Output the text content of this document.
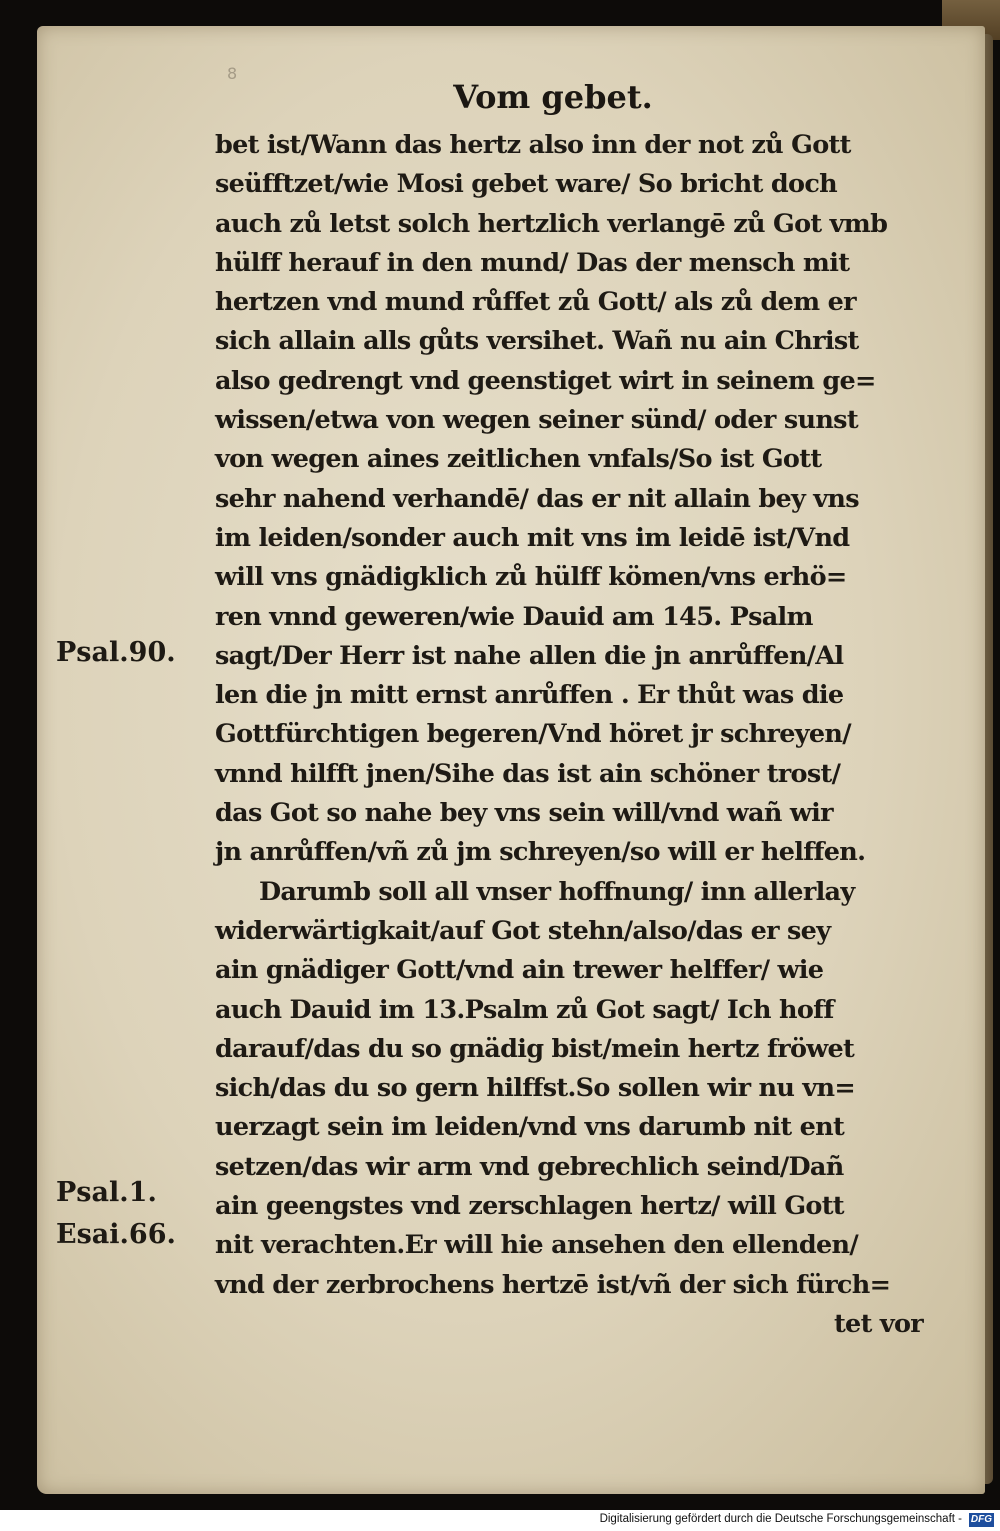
8
Vom gebet.
bet ist/Wann das hertz also inn der not zů Gott
seüfftzet/wie Mosi gebet ware/ So bricht doch
auch zů letst solch hertzlich verlangē zů Got vmb
hülff herauf in den mund/ Das der mensch mit
hertzen vnd mund růffet zů Gott/ als zů dem er
sich allain alls gůts versihet. Wañ nu ain Christ
also gedrengt vnd geenstiget wirt in seinem ge=
wissen/etwa von wegen seiner sünd/ oder sunst
von wegen aines zeitlichen vnfals/So ist Gott
sehr nahend verhandē/ das er nit allain bey vns
im leiden/sonder auch mit vns im leidē ist/Vnd
will vns gnädigklich zů hülff kömen/vns erhö=
ren vnnd geweren/wie Dauid am 145. Psalm
sagt/Der Herr ist nahe allen die jn anrůffen/Al
len die jn mitt ernst anrůffen . Er thůt was die
Gottfürchtigen begeren/Vnd höret jr schreyen/
vnnd hilfft jnen/Sihe das ist ain schöner trost/
das Got so nahe bey vns sein will/vnd wañ wir
jn anrůffen/vñ zů jm schreyen/so will er helffen.
Darumb soll all vnser hoffnung/ inn allerlay
widerwärtigkait/auf Got stehn/also/das er sey
ain gnädiger Gott/vnd ain trewer helffer/ wie
auch Dauid im 13.Psalm zů Got sagt/ Ich hoff
darauf/das du so gnädig bist/mein hertz fröwet
sich/das du so gern hilffst.So sollen wir nu vn=
uerzagt sein im leiden/vnd vns darumb nit ent
setzen/das wir arm vnd gebrechlich seind/Dañ
ain geengstes vnd zerschlagen hertz/ will Gott
nit verachten.Er will hie ansehen den ellenden/
vnd der zerbrochens hertzē ist/vñ der sich fürch=
tet vor
Psal.90.
Psal.1.
Esai.66.
Digitalisierung gefördert durch die Deutsche Forschungsgemeinschaft - DFG
